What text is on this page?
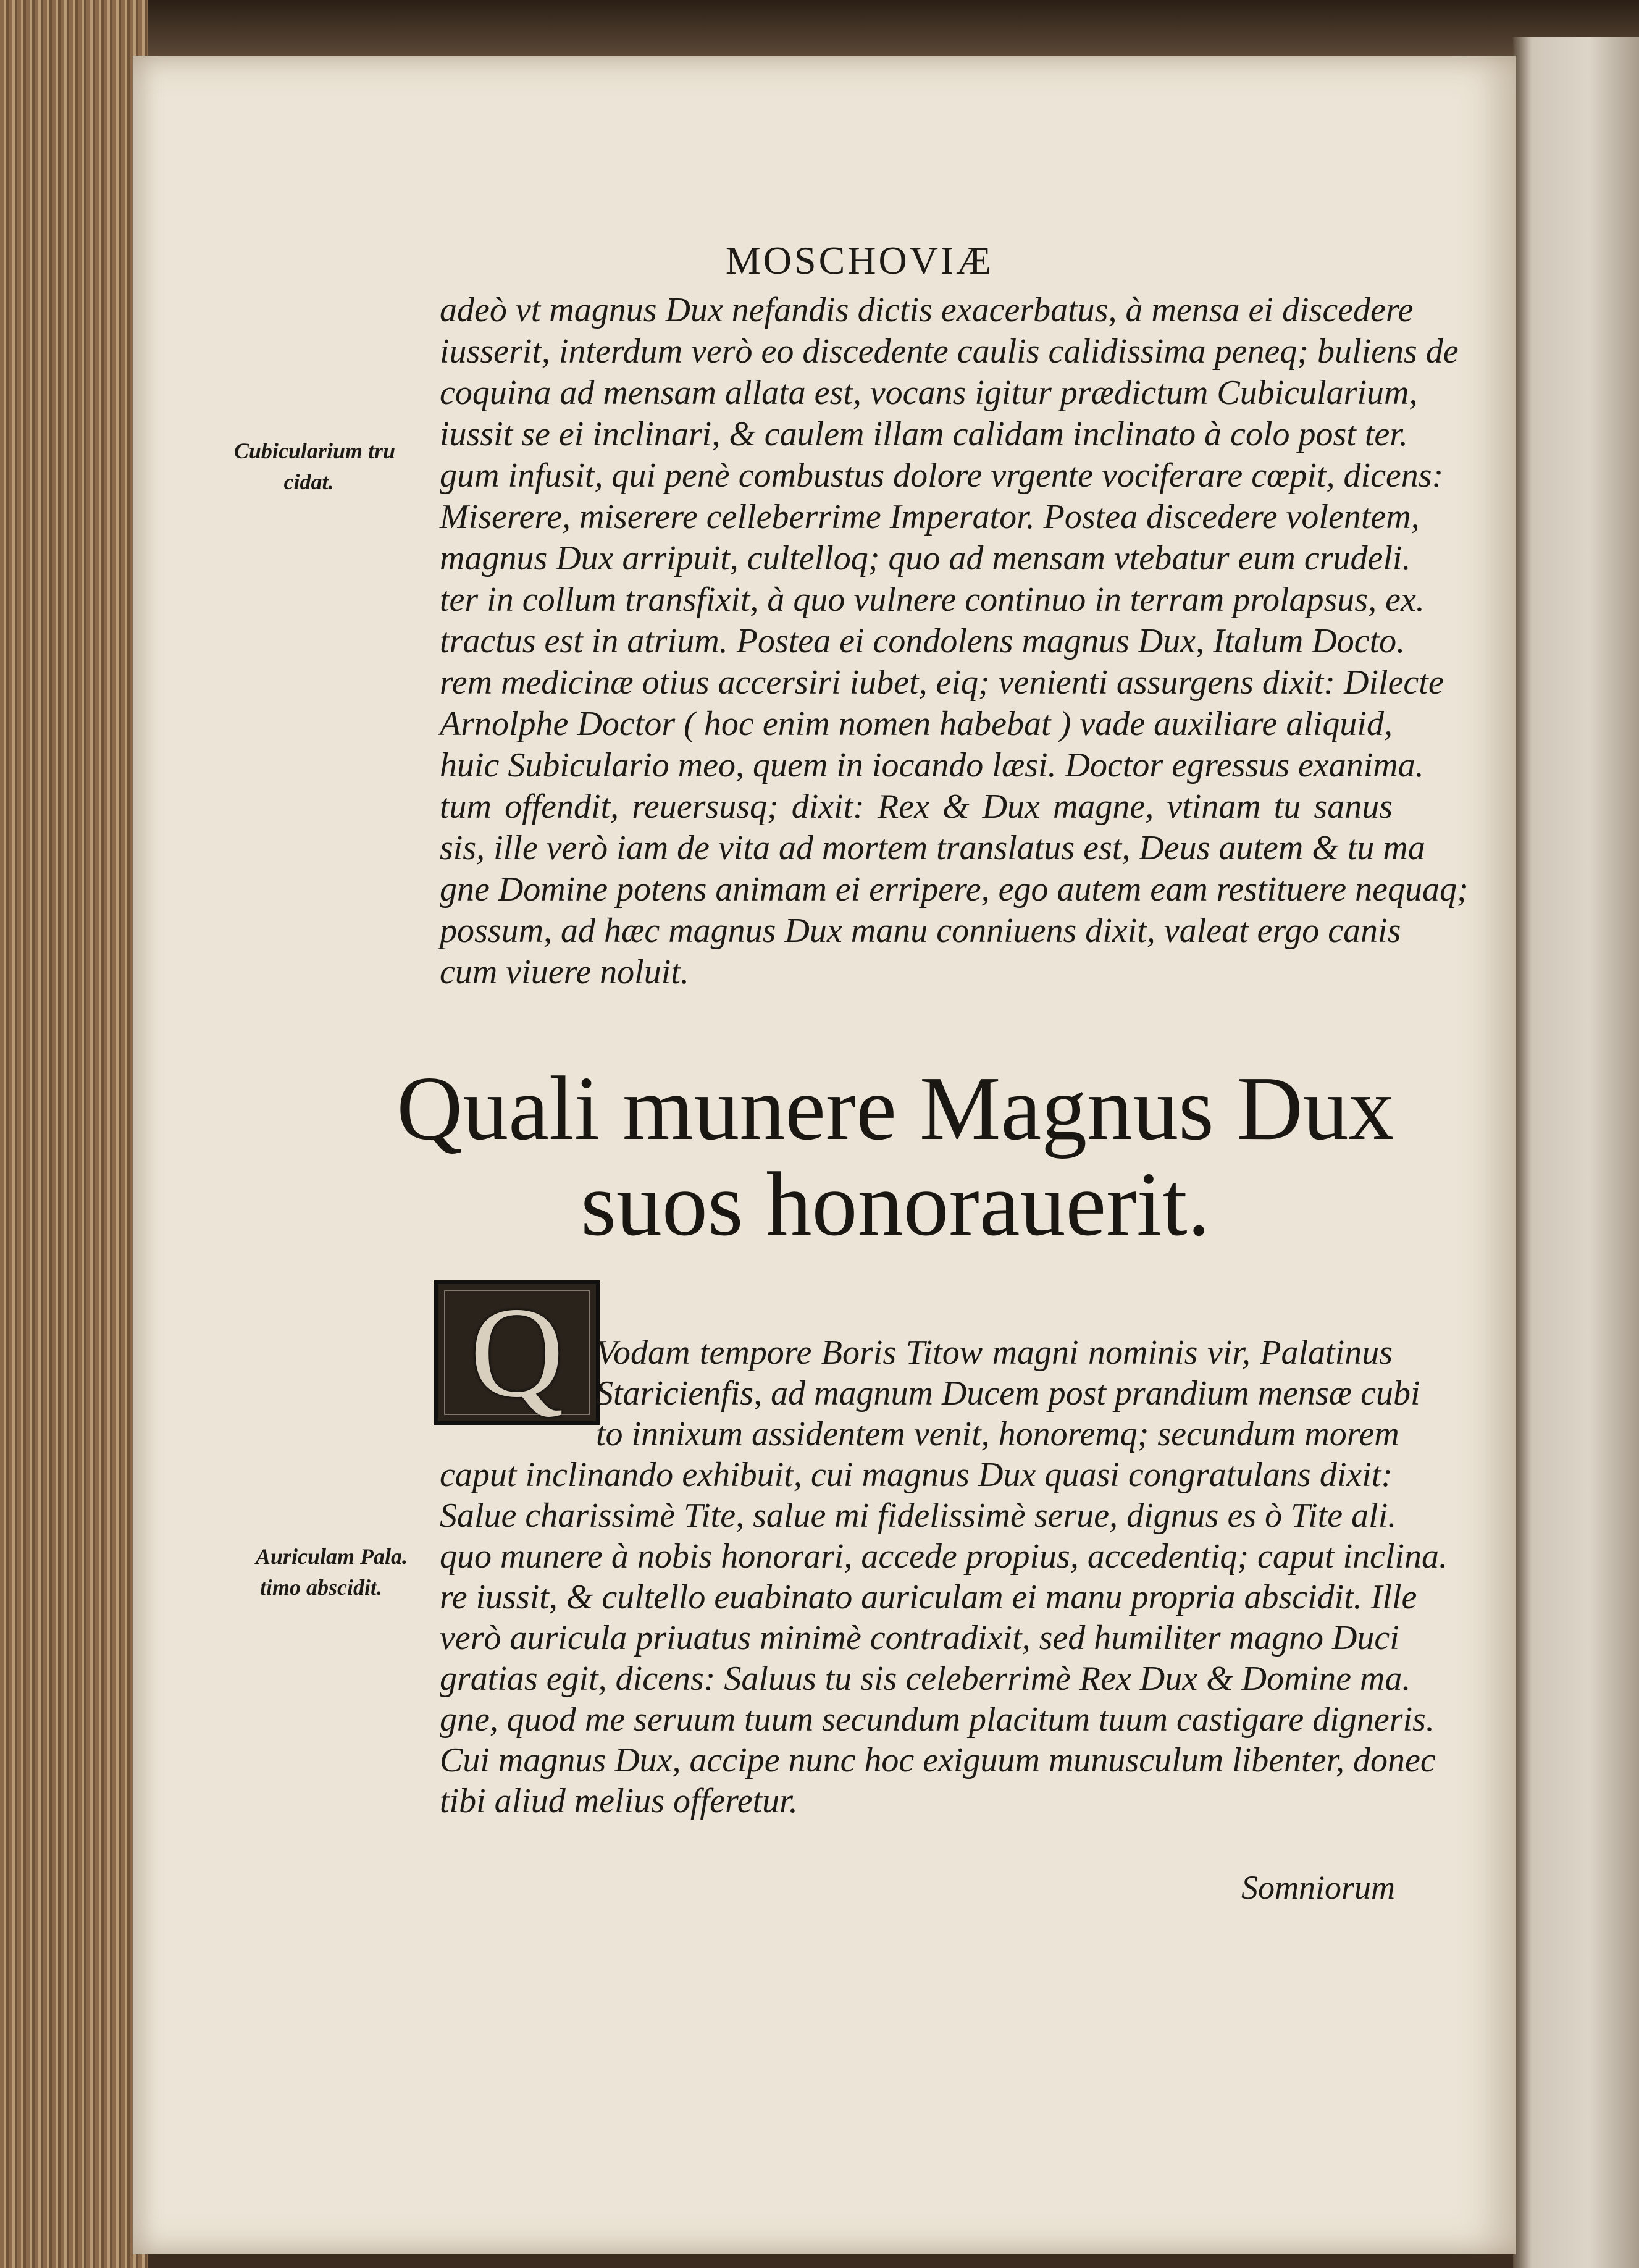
MOSCHOVIÆ
adeò vt magnus Dux nefandis dictis exacerbatus, à mensa ei discedere
iusserit, interdum verò eo discedente caulis calidissima peneq; buliens de
coquina ad mensam allata est, vocans igitur prædictum Cubicularium,
iussit se ei inclinari, & caulem illam calidam inclinato à colo post ter.
gum infusit, qui penè combustus dolore vrgente vociferare cœpit, dicens:
Miserere, miserere celleberrime Imperator. Postea discedere volentem,
magnus Dux arripuit, cultelloq; quo ad mensam vtebatur eum crudeli.
ter in collum transfixit, à quo vulnere continuo in terram prolapsus, ex.
tractus est in atrium. Postea ei condolens magnus Dux, Italum Docto.
rem medicinæ otius accersiri iubet, eiq; venienti assurgens dixit: Dilecte
Arnolphe Doctor ( hoc enim nomen habebat ) vade auxiliare aliquid,
huic Subiculario meo, quem in iocando læsi. Doctor egressus exanima.
tum offendit, reuersusq; dixit: Rex & Dux magne, vtinam tu sanus
sis, ille verò iam de vita ad mortem translatus est, Deus autem & tu ma
gne Domine potens animam ei erripere, ego autem eam restituere nequaq;
possum, ad hæc magnus Dux manu conniuens dixit, valeat ergo canis
cum viuere noluit.
Cubicularium tru
cidat.
Quali munere Magnus Dux
suos honorauerit.
Q Vodam tempore Boris Titow magni nominis vir, Palatinus
Staricienfis, ad magnum Ducem post prandium mensæ cubi
to innixum assidentem venit, honoremq; secundum morem
caput inclinando exhibuit, cui magnus Dux quasi congratulans dixit:
Salue charissimè Tite, salue mi fidelissimè serue, dignus es ò Tite ali.
quo munere à nobis honorari, accede propius, accedentiq; caput inclina.
re iussit, & cultello euabinato auriculam ei manu propria abscidit. Ille
verò auricula priuatus minimè contradixit, sed humiliter magno Duci
gratias egit, dicens: Saluus tu sis celeberrimè Rex Dux & Domine ma.
gne, quod me seruum tuum secundum placitum tuum castigare digneris.
Cui magnus Dux, accipe nunc hoc exiguum munusculum libenter, donec
tibi aliud melius offeretur.
Auriculam Pala.
timo abscidit.
Somniorum
